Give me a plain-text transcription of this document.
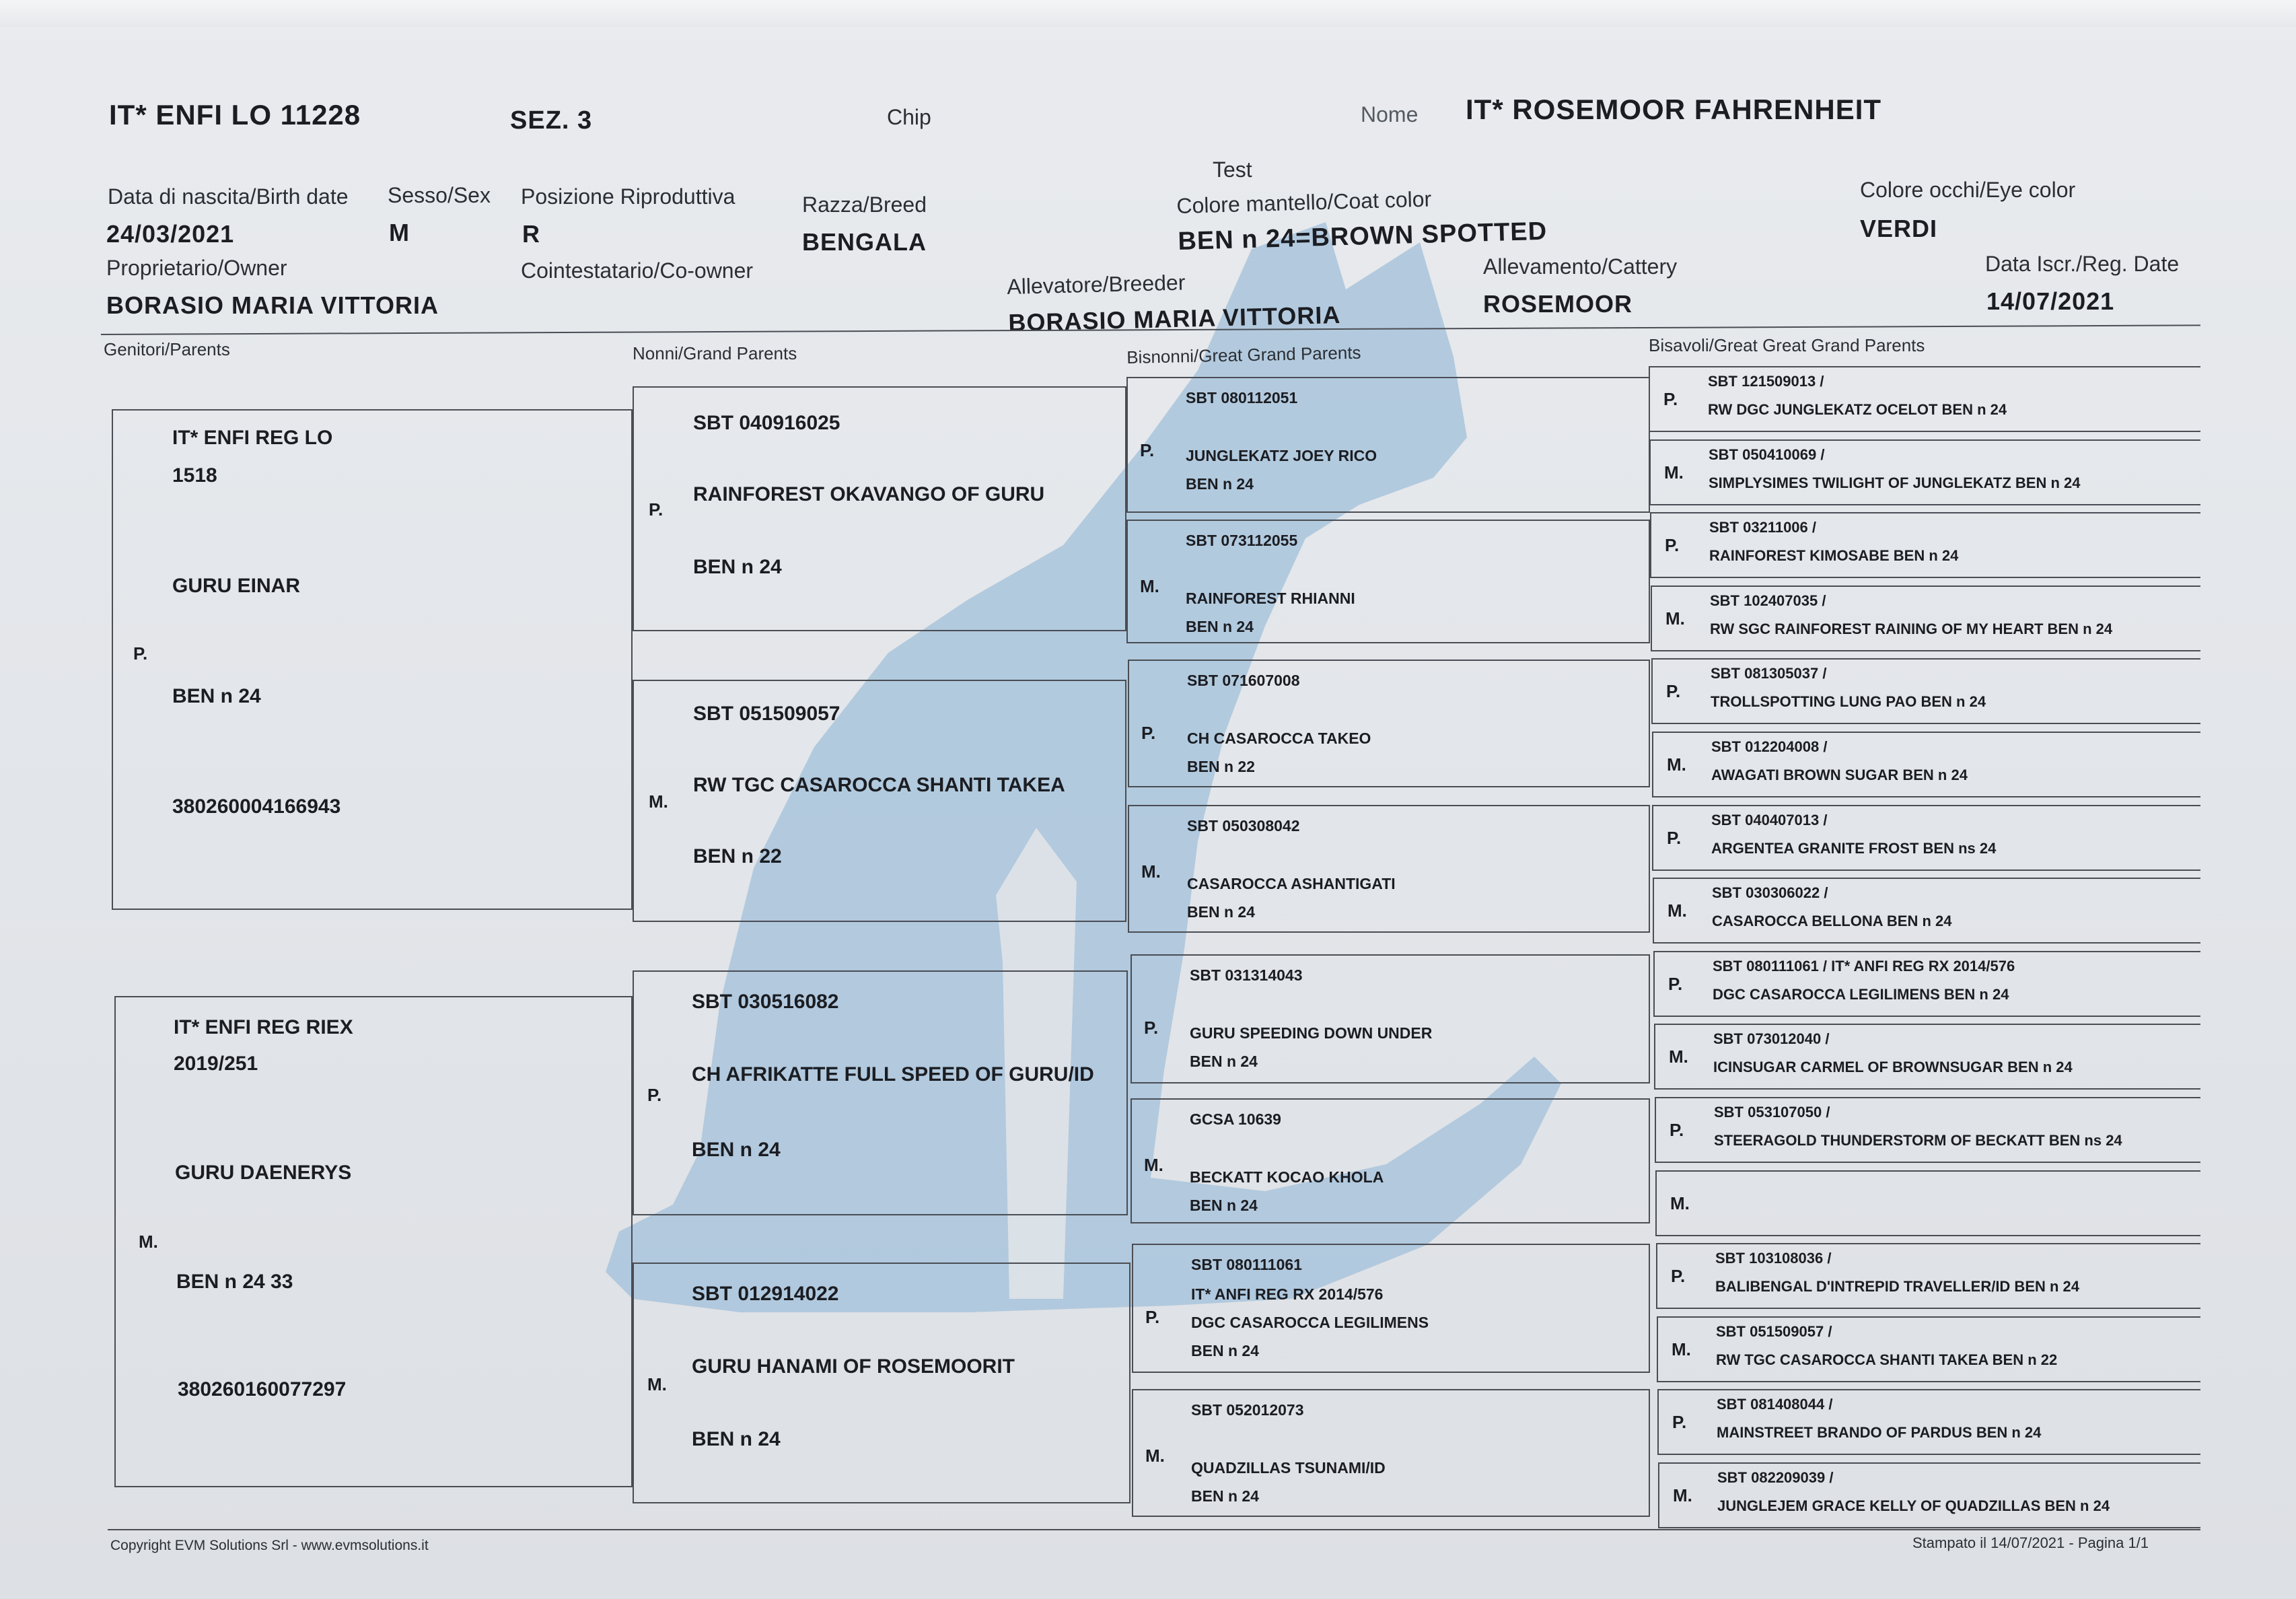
IT* ENFI LO 11228	SEZ. 3	Chip	Nome IT* ROSEMOOR FAHRENHEIT
Test
Data di nascita/Birth date
24/03/2021
Sesso/Sex
M
Posizione Riproduttiva
R
Razza/Breed
BENGALA
Colore mantello/Coat color
BEN n 24=BROWN SPOTTED
Colore occhi/Eye color
VERDI
Proprietario/Owner
BORASIO MARIA VITTORIA
Cointestatario/Co-owner	Allevatore/Breeder
BORASIO MARIA VITTORIA
Allevamento/Cattery
ROSEMOOR
Data Iscr./Reg. Date
14/07/2021
Genitori/Parents	Nonni/Grand Parents	Bisnonni/Great Grand Parents	Bisavoli/Great Great Grand Parents
IT* ENFI REG LO
1518
GURU EINAR
P.
BEN n 24
380260004166943
IT* ENFI REG RIEX
2019/251
GURU DAENERYS
M.
BEN n 24 33
380260160077297
SBT 040916025
P.
RAINFOREST OKAVANGO OF GURU
BEN n 24
SBT 051509057
M.
RW TGC CASAROCCA SHANTI TAKEA
BEN n 22
SBT 030516082
P.
CH AFRIKATTE FULL SPEED OF GURU/ID
BEN n 24
SBT 012914022
M.
GURU HANAMI OF ROSEMOORIT
BEN n 24
SBT 080112051
P. JUNGLEKATZ JOEY RICO
BEN n 24
SBT 073112055
M.
RAINFOREST RHIANNI
BEN n 24
SBT 071607008
P. CH CASAROCCA TAKEO
BEN n 22
SBT 050308042
M.
CASAROCCA ASHANTIGATI
BEN n 24
SBT 031314043
P. GURU SPEEDING DOWN UNDER
BEN n 24
GCSA 10639
M.
BECKATT KOCAO KHOLA
BEN n 24
SBT 080111061
IT* ANFI REG RX 2014/576
P. DGC CASAROCCA LEGILIMENS
BEN n 24
SBT 052012073
M.
QUADZILLAS TSUNAMI/ID
BEN n 24
P.
SBT 121509013 /
RW DGC JUNGLEKATZ OCELOT BEN n 24
M.
SBT 050410069 /
SIMPLYSIMES TWILIGHT OF JUNGLEKATZ BEN n 24
P.
SBT 03211006 /
RAINFOREST KIMOSABE BEN n 24
M.
SBT 102407035 /
RW SGC RAINFOREST RAINING OF MY HEART BEN n 24
P.
SBT 081305037 /
TROLLSPOTTING LUNG PAO BEN n 24
M.
SBT 012204008 /
AWAGATI BROWN SUGAR BEN n 24
P.
SBT 040407013 /
ARGENTEA GRANITE FROST BEN ns 24
M.
SBT 030306022 /
CASAROCCA BELLONA BEN n 24
P.
SBT 080111061 / IT* ANFI REG RX 2014/576
DGC CASAROCCA LEGILIMENS BEN n 24
M.
SBT 073012040 /
ICINSUGAR CARMEL OF BROWNSUGAR BEN n 24
P.
SBT 053107050 /
STEERAGOLD THUNDERSTORM OF BECKATT BEN ns 24
M.
P.
SBT 103108036 /
BALIBENGAL D'INTREPID TRAVELLER/ID BEN n 24
M.
SBT 051509057 /
RW TGC CASAROCCA SHANTI TAKEA BEN n 22
P.
SBT 081408044 /
MAINSTREET BRANDO OF PARDUS BEN n 24
M.
SBT 082209039 /
JUNGLEJEM GRACE KELLY OF QUADZILLAS BEN n 24
Copyright EVM Solutions Srl - www.evmsolutions.it	Stampato il 14/07/2021 - Pagina 1/1
